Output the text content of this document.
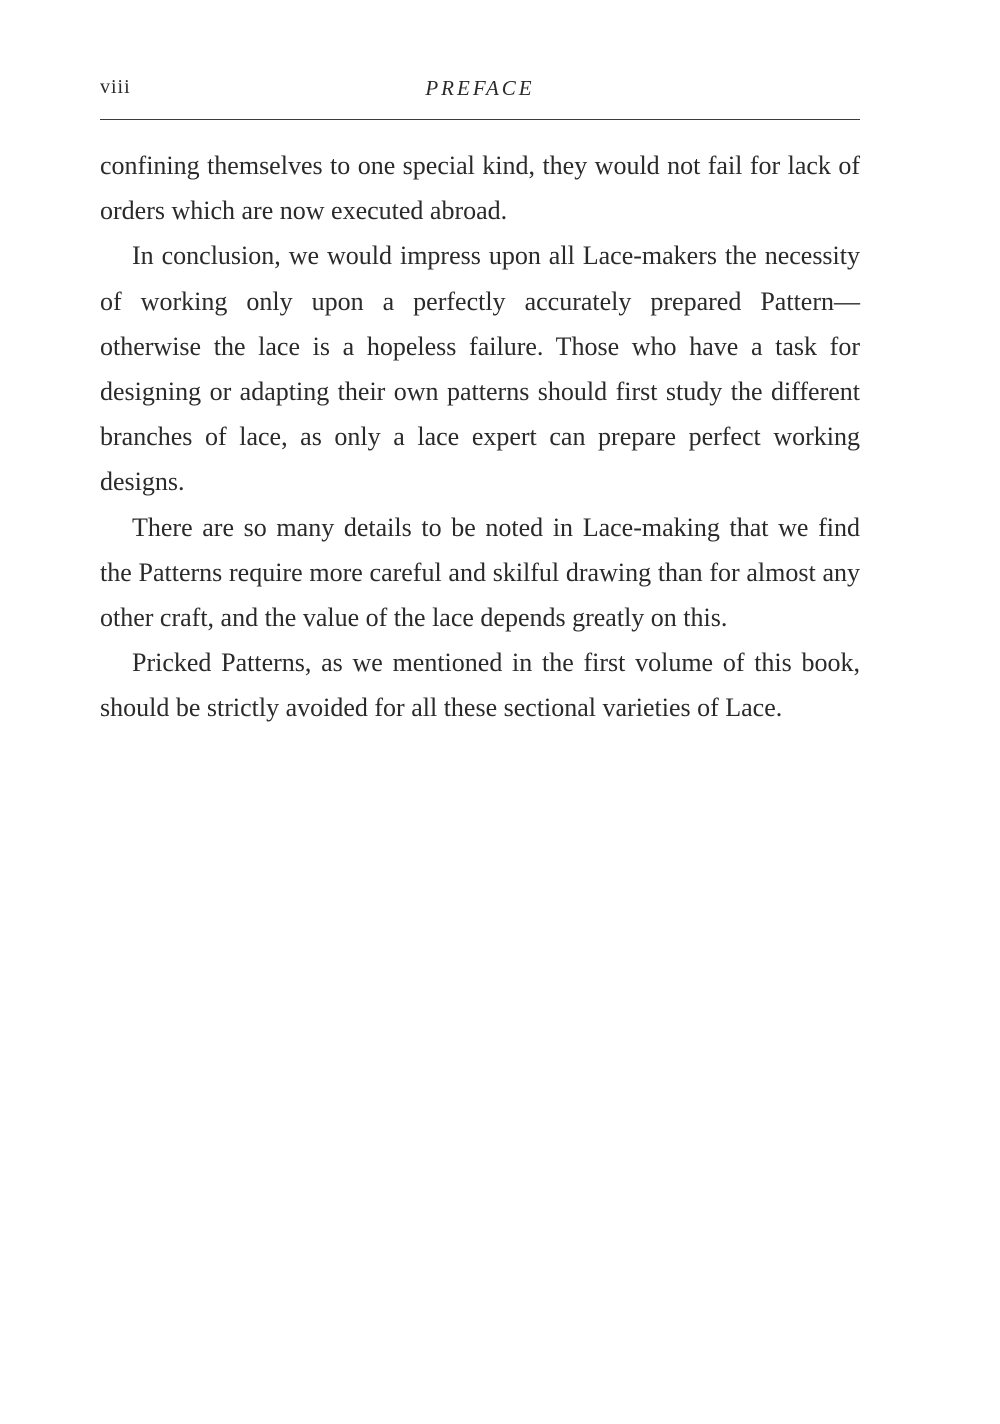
viii	PREFACE

confining themselves to one special kind, they would not fail for lack of orders which are now executed abroad.

In conclusion, we would impress upon all Lace-makers the necessity of working only upon a perfectly accurately prepared Pattern—otherwise the lace is a hopeless failure. Those who have a task for designing or adapting their own patterns should first study the different branches of lace, as only a lace expert can prepare perfect working designs.

There are so many details to be noted in Lace-making that we find the Patterns require more careful and skilful drawing than for almost any other craft, and the value of the lace depends greatly on this.

Pricked Patterns, as we mentioned in the first volume of this book, should be strictly avoided for all these sectional varieties of Lace.
